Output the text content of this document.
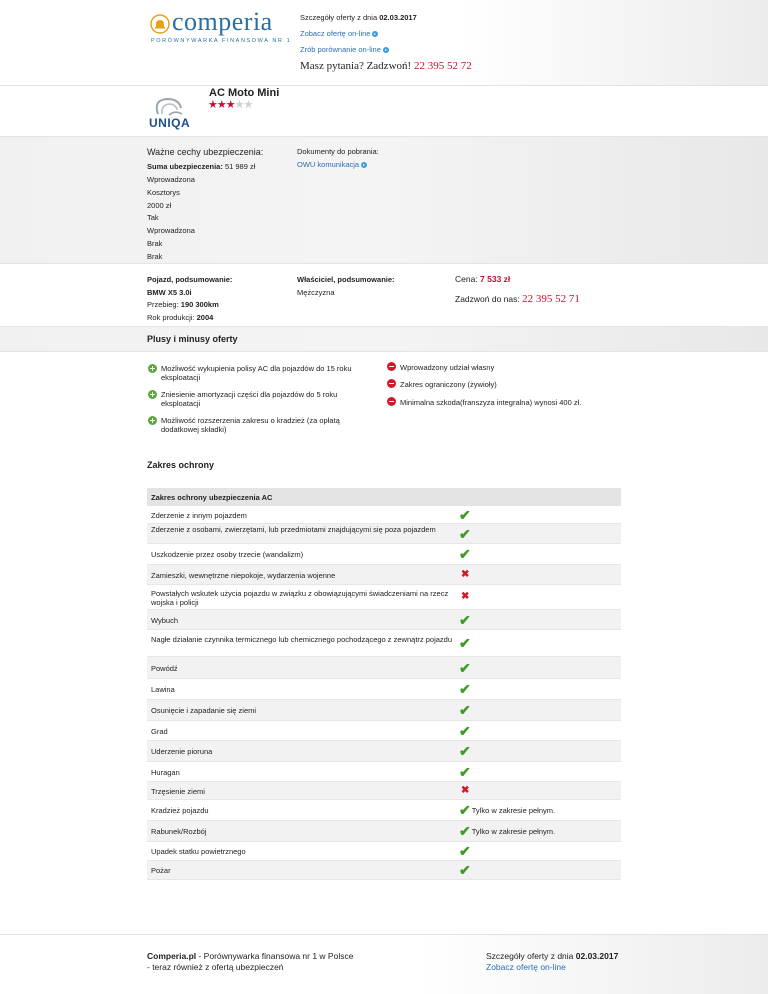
comperia
PORÓWNYWARKA FINANSOWA NR 1
Szczegóły oferty z dnia 02.03.2017
Zobacz ofertę on-line
Zrób porównanie on-line
Masz pytania? Zadzwoń! 22 395 52 72
UNIQA
AC Moto Mini
★★★★★
Ważne cechy ubezpieczenia:
Suma ubezpieczenia: 51 989 zł
Wprowadzona
Kosztorys
2000 zł
Tak
Wprowadzona
Brak
Brak
Dokumenty do pobrania:
OWU komunikacja
Pojazd, podsumowanie:
BMW X5 3.0i
Przebieg: 190 300km
Rok produkcji: 2004
Właściciel, podsumowanie:
Mężczyzna
Cena: 7 533 zł
Zadzwoń do nas: 22 395 52 71
Plusy i minusy oferty
Możliwość wykupienia polisy AC dla pojazdów do 15 roku eksploatacji
Zniesienie amortyzacji części dla pojazdów do 5 roku eksploatacji
Możliwość rozszerzenia zakresu o kradzież (za opłatą dodatkowej składki)
Wprowadzony udział własny
Zakres ograniczony (żywioły)
Minimalna szkoda(franszyza integralna) wynosi 400 zł.
Zakres ochrony
Zakres ochrony ubezpieczenia AC
Zderzenie z innym pojazdem	✔
Zderzenie z osobami, zwierzętami, lub przedmiotami znajdującymi się poza pojazdem	✔
Uszkodzenie przez osoby trzecie (wandalizm)	✔
Zamieszki, wewnętrzne niepokoje, wydarzenia wojenne	✖
Powstałych wskutek użycia pojazdu w związku z obowiązującymi świadczeniami na rzecz wojska i policji	✖
Wybuch	✔
Nagłe działanie czynnika termicznego lub chemicznego pochodzącego z zewnątrz pojazdu ✔
Powódź	✔
Lawina	✔
Osunięcie i zapadanie się ziemi	✔
Grad	✔
Uderzenie pioruna	✔
Huragan	✔
Trzęsienie ziemi	✖
Kradzież pojazdu	✔ Tylko w zakresie pełnym.
Rabunek/Rozbój	✔ Tylko w zakresie pełnym.
Upadek statku powietrznego	✔
Pożar	✔
Comperia.pl - Porównywarka finansowa nr 1 w Polsce
- teraz również z ofertą ubezpieczeń
Szczegóły oferty z dnia 02.03.2017
Zobacz ofertę on-line
